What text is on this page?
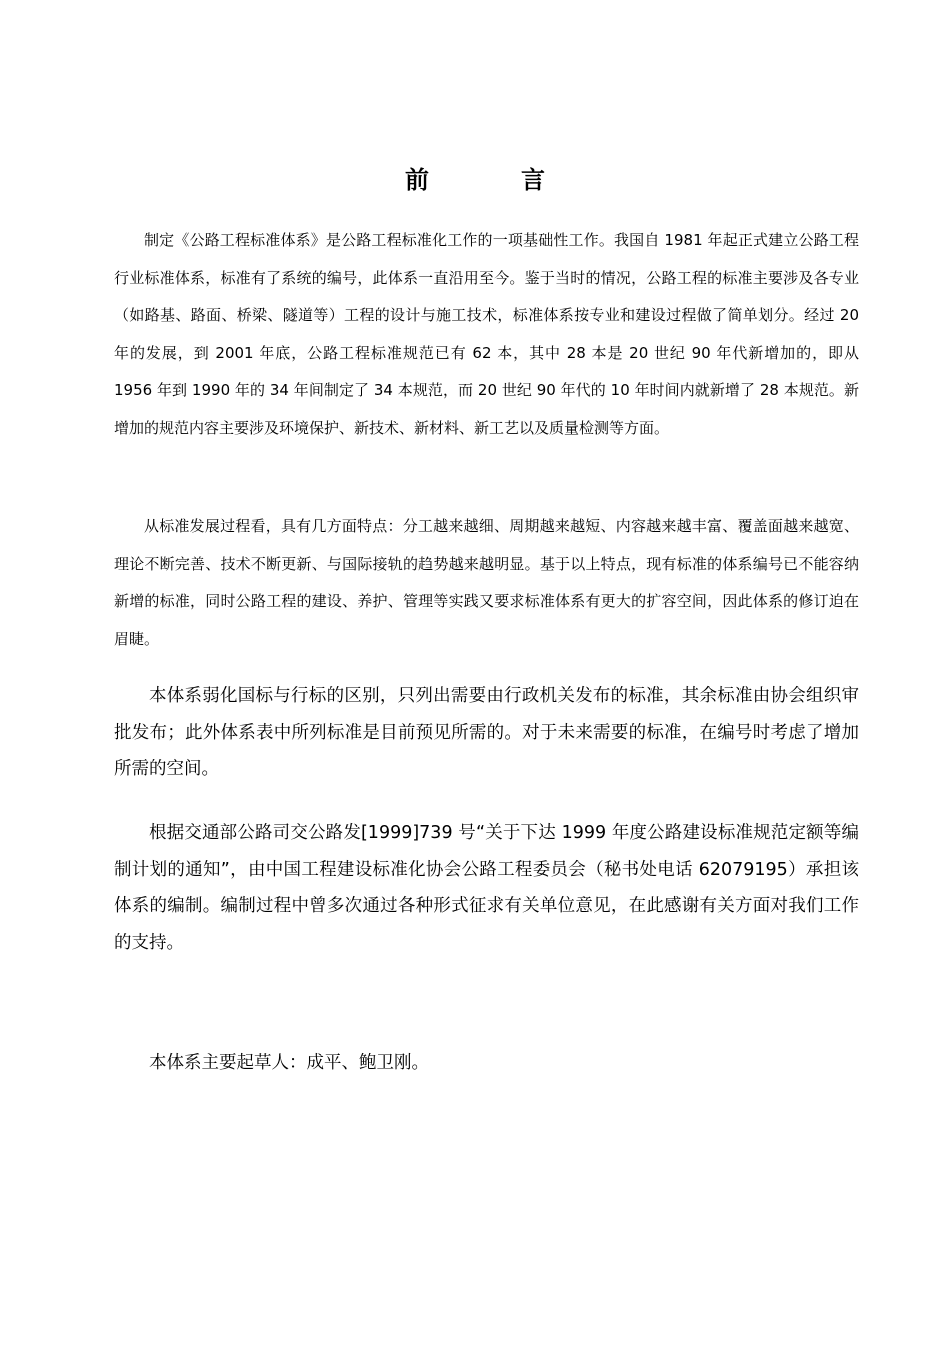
前	言

制定《公路工程标准体系》是公路工程标准化工作的一项基础性工作。我国自 1981 年起正式建立公路工程行业标准体系，标准有了系统的编号，此体系一直沿用至今。鉴于当时的情况，公路工程的标准主要涉及各专业（如路基、路面、桥梁、隧道等）工程的设计与施工技术，标准体系按专业和建设过程做了简单划分。经过 20 年的发展，到 2001 年底，公路工程标准规范已有 62 本，其中 28 本是 20 世纪 90 年代新增加的，即从 1956 年到 1990 年的 34 年间制定了 34 本规范，而 20 世纪 90 年代的 10 年时间内就新增了 28 本规范。新增加的规范内容主要涉及环境保护、新技术、新材料、新工艺以及质量检测等方面。

从标准发展过程看，具有几方面特点：分工越来越细、周期越来越短、内容越来越丰富、覆盖面越来越宽、理论不断完善、技术不断更新、与国际接轨的趋势越来越明显。基于以上特点，现有标准的体系编号已不能容纳新增的标准，同时公路工程的建设、养护、管理等实践又要求标准体系有更大的扩容空间，因此体系的修订迫在眉睫。

本体系弱化国标与行标的区别，只列出需要由行政机关发布的标准，其余标准由协会组织审批发布；此外体系表中所列标准是目前预见所需的。对于未来需要的标准，在编号时考虑了增加所需的空间。

根据交通部公路司交公路发[1999]739 号“关于下达 1999 年度公路建设标准规范定额等编制计划的通知”，由中国工程建设标准化协会公路工程委员会（秘书处电话 62079195）承担该体系的编制。编制过程中曾多次通过各种形式征求有关单位意见，在此感谢有关方面对我们工作的支持。

本体系主要起草人：成平、鲍卫刚。
